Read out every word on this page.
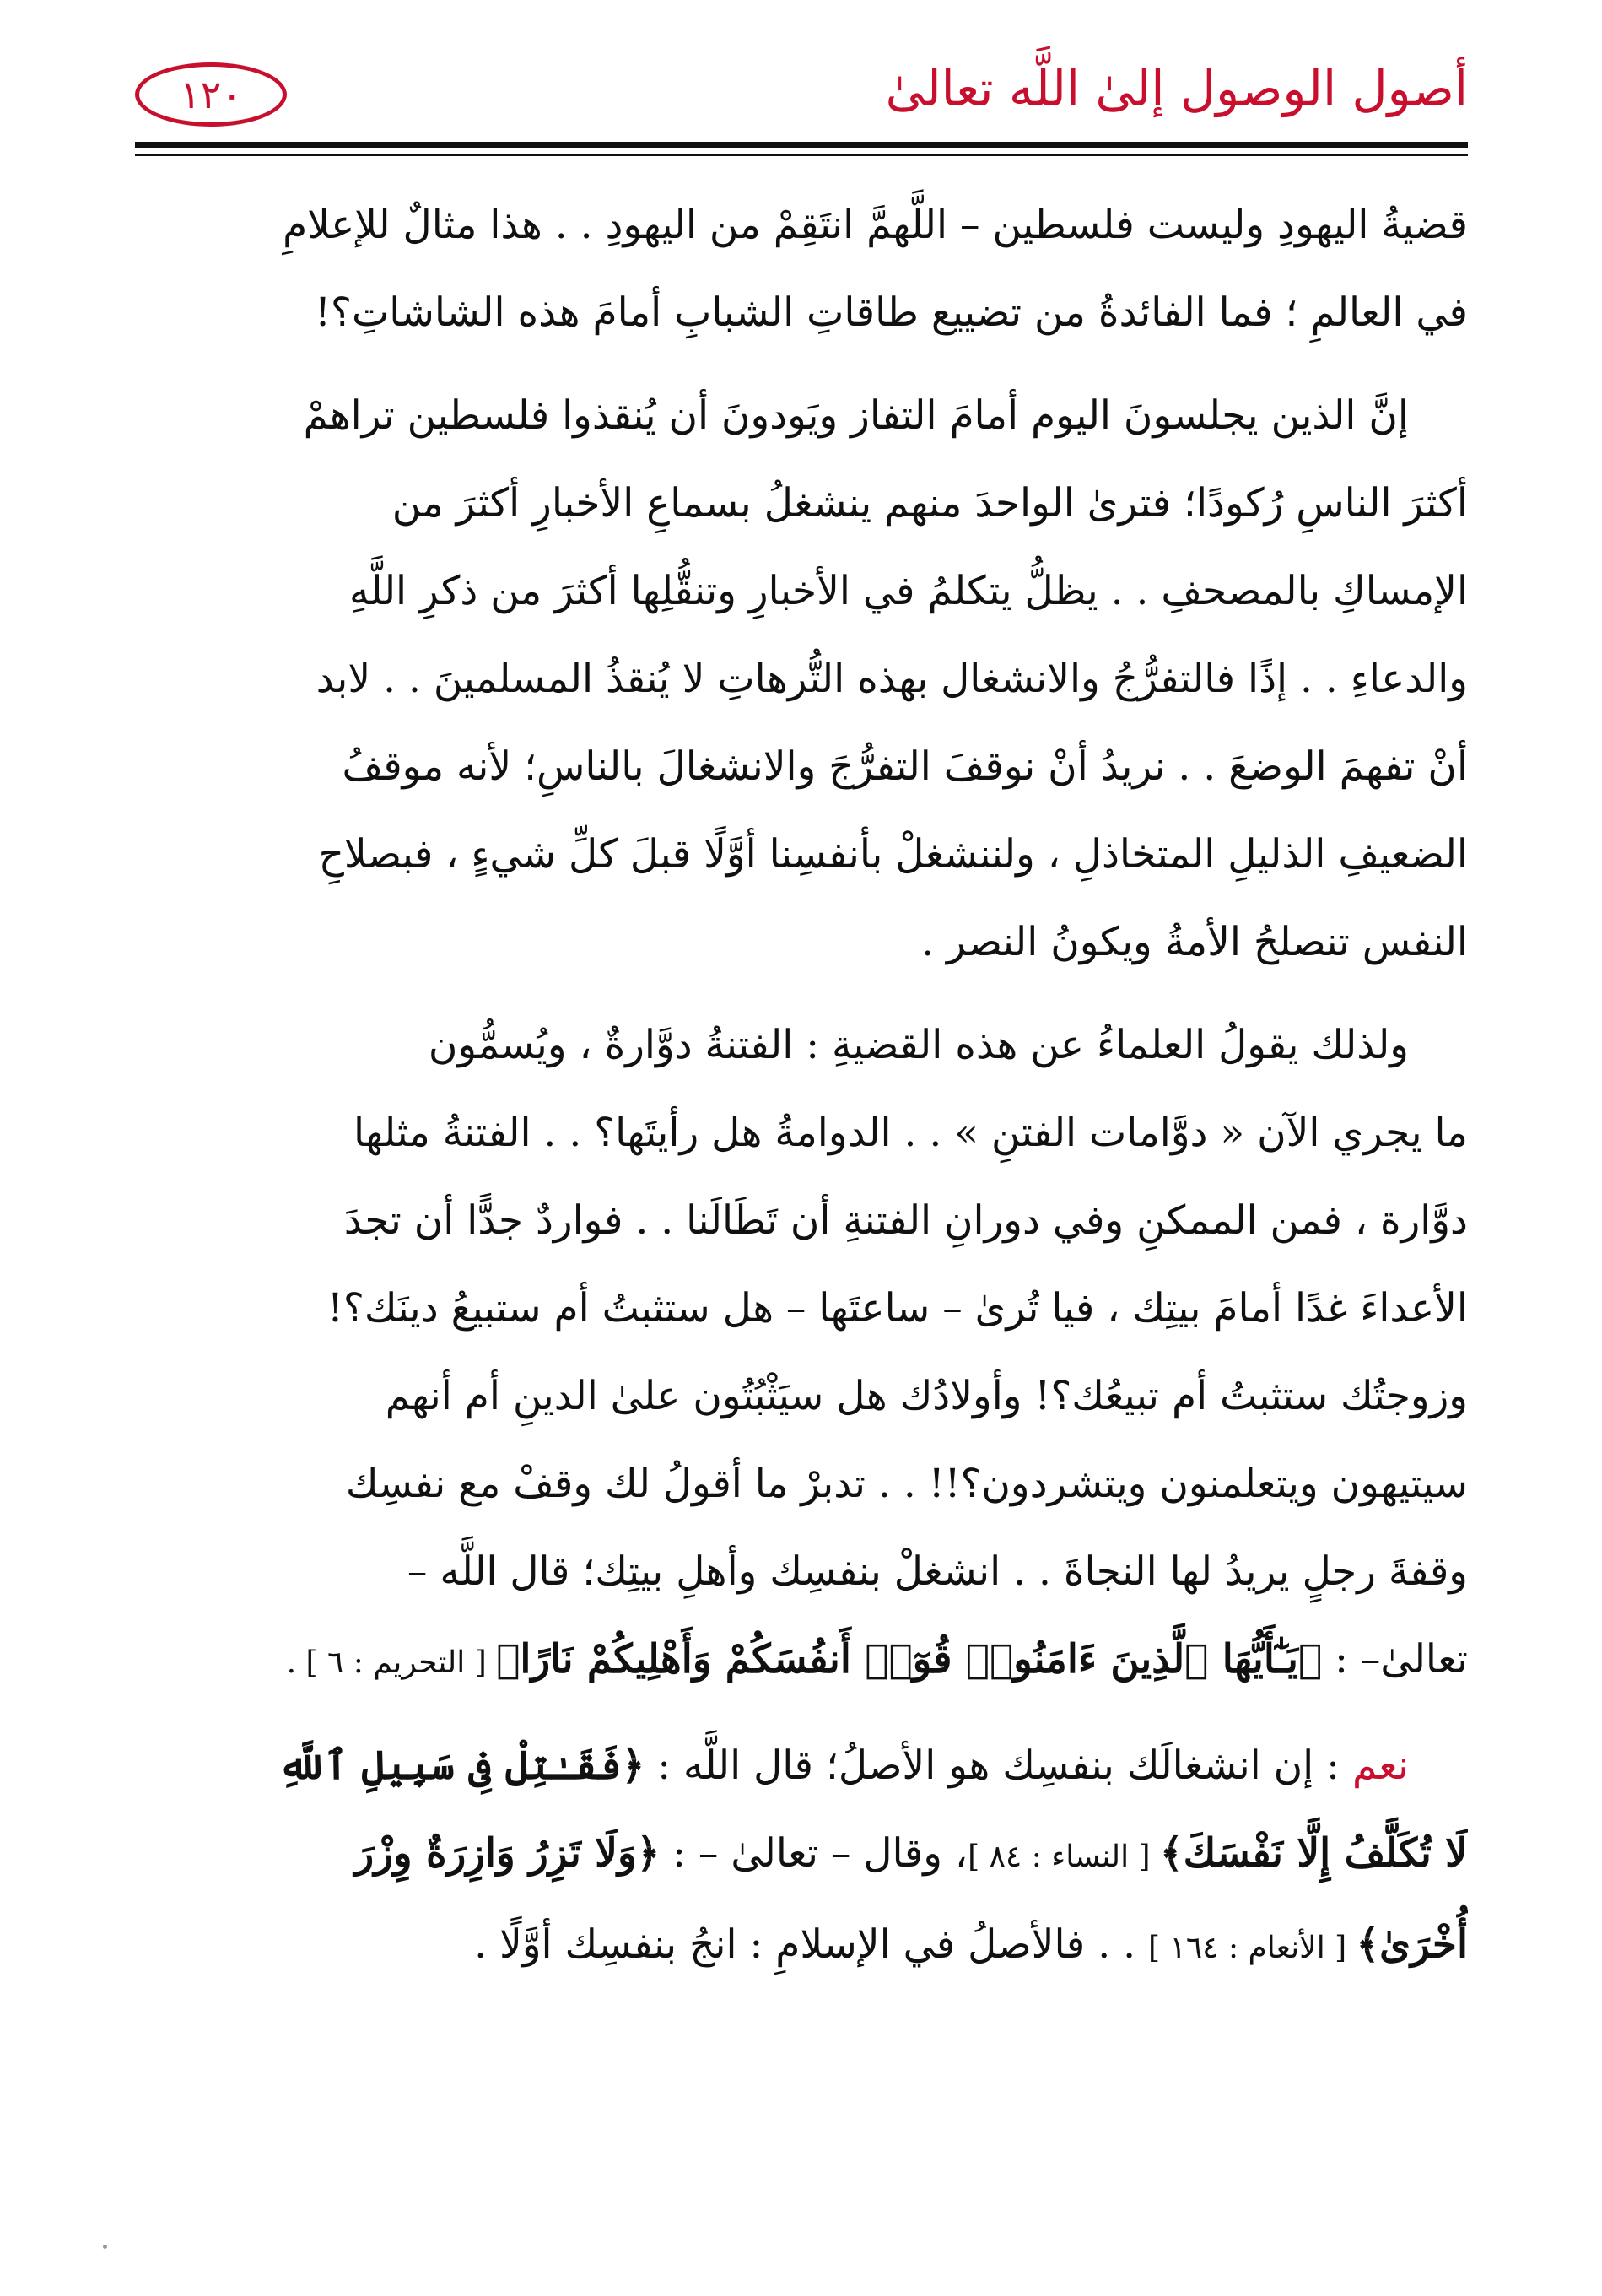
أصول الوصول إلىٰ اللَّه تعالىٰ
١٢٠
قضيةُ اليهودِ وليست فلسطين – اللَّهمَّ انتَقِمْ من اليهودِ . . هذا مثالٌ للإعلامِ
في العالمِ ؛ فما الفائدةُ من تضييع طاقاتِ الشبابِ أمامَ هذه الشاشاتِ؟!
إنَّ الذين يجلسونَ اليوم أمامَ التفاز ويَودونَ أن يُنقذوا فلسطين تراهمْ
أكثرَ الناسِ رُكودًا؛ فترىٰ الواحدَ منهم ينشغلُ بسماعِ الأخبارِ أكثرَ من
الإمساكِ بالمصحفِ . . يظلُّ يتكلمُ في الأخبارِ وتنقُّلِها أكثرَ من ذكرِ اللَّهِ
والدعاءِ . . إذًا فالتفرُّجُ والانشغال بهذه التُّرهاتِ لا يُنقذُ المسلمينَ . . لابد
أنْ تفهمَ الوضعَ . . نريدُ أنْ نوقفَ التفرُّجَ والانشغالَ بالناسِ؛ لأنه موقفُ
الضعيفِ الذليلِ المتخاذلِ ، ولننشغلْ بأنفسِنا أوَّلًا قبلَ كلِّ شيءٍ ، فبصلاحِ
النفس تنصلحُ الأمةُ ويكونُ النصر .
ولذلك يقولُ العلماءُ عن هذه القضيةِ : الفتنةُ دوَّارةٌ ، ويُسمُّون
ما يجري الآن « دوَّامات الفتنِ » . . الدوامةُ هل رأيتَها؟ . . الفتنةُ مثلها
دوَّارة ، فمن الممكنِ وفي دورانِ الفتنةِ أن تَطَالَنا . . فواردٌ جدًّا أن تجدَ
الأعداءَ غدًا أمامَ بيتِك ، فيا تُرىٰ – ساعتَها – هل ستثبتُ أم ستبيعُ دينَك؟!
وزوجتُك ستثبتُ أم تبيعُك؟! وأولادُك هل سيَثْبُتُون علىٰ الدينِ أم أنهم
سيتيهون ويتعلمنون ويتشردون؟!! . . تدبرْ ما أقولُ لك وقفْ مع نفسِك
وقفةَ رجلٍ يريدُ لها النجاةَ . . انشغلْ بنفسِك وأهلِ بيتِك؛ قال اللَّه –
تعالىٰ– : ﴿يَـٰٓأَيُّهَا ٱلَّذِينَ ءَامَنُوا۟ قُوٓا۟ أَنفُسَكُمْ وَأَهْلِيكُمْ نَارًا﴾ [ التحريم : ٦ ] .
نعم : إن انشغالَك بنفسِك هو الأصلُ؛ قال اللَّه : ﴿فَقَـٰتِلْ فِى سَبِيلِ ٱللَّهِ
لَا تُكَلَّفُ إِلَّا نَفْسَكَ﴾ [ النساء : ٨٤ ]، وقال – تعالىٰ – : ﴿وَلَا تَزِرُ وَازِرَةٌ وِزْرَ
أُخْرَىٰ﴾ [ الأنعام : ١٦٤ ] . . فالأصلُ في الإسلامِ : انجُ بنفسِك أوَّلًا .
